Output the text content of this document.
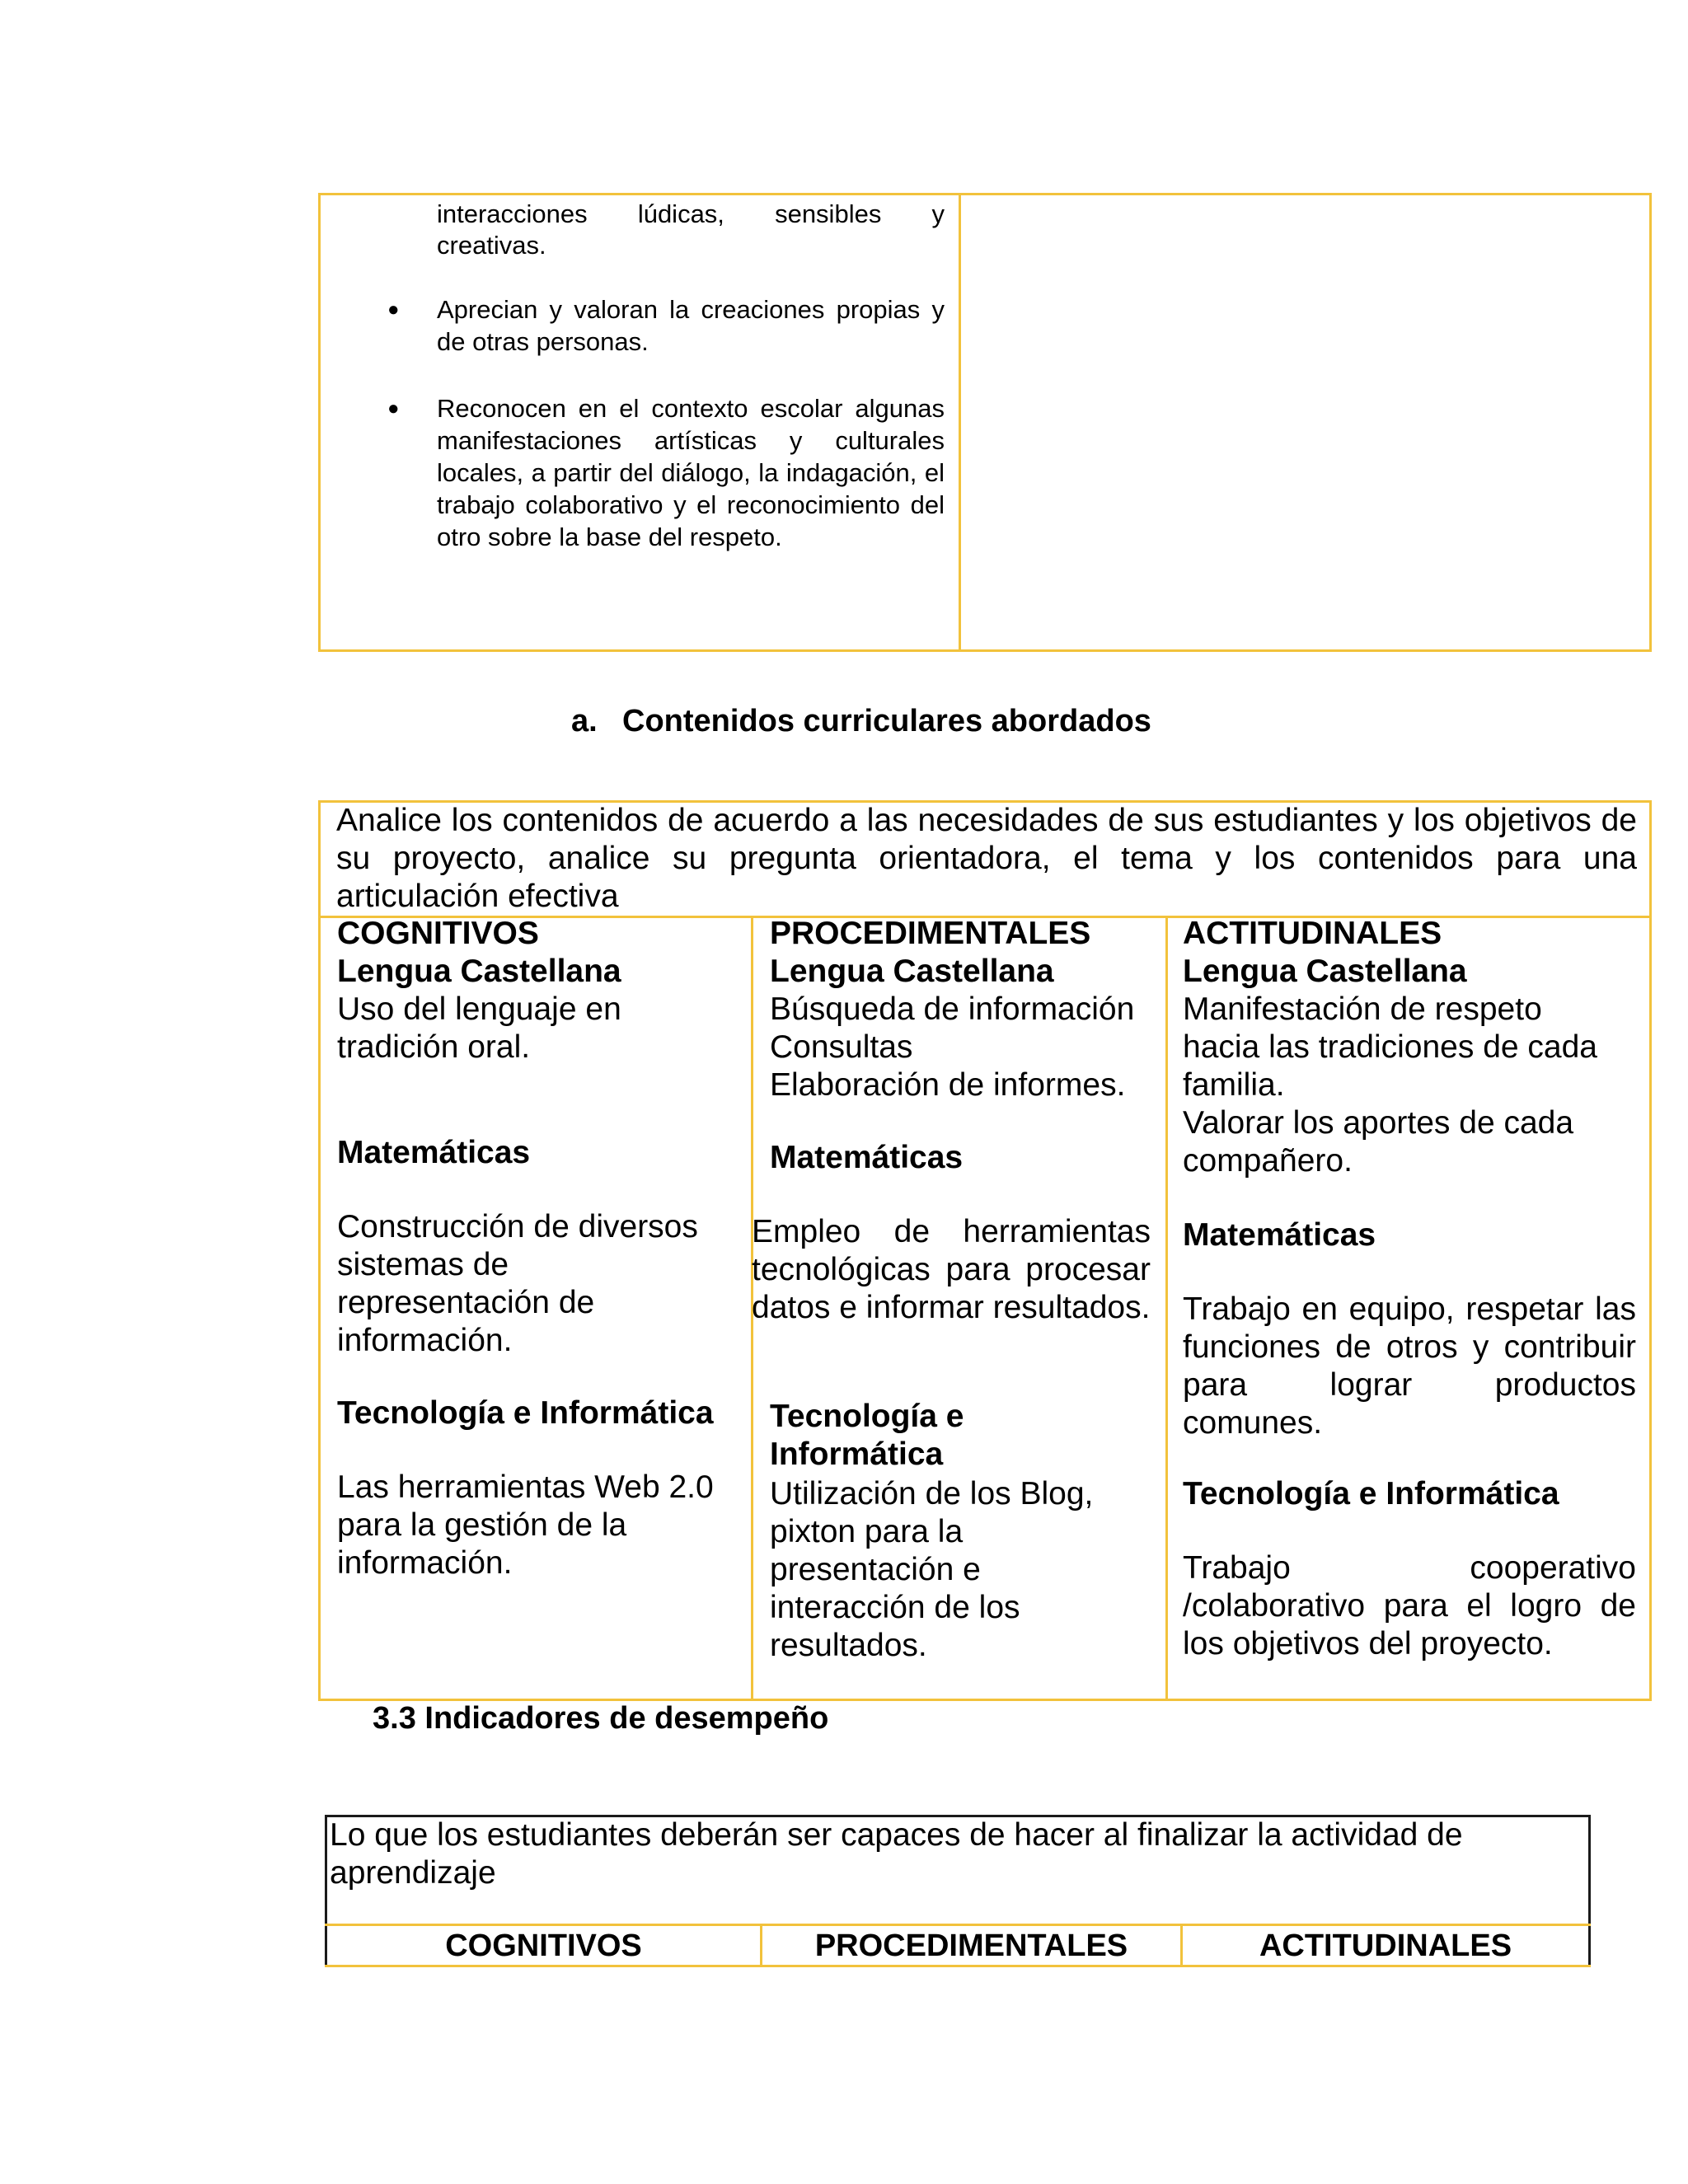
interacciones lúdicas, sensibles y
creativas.
● Aprecian y valoran la creaciones propias y de otras personas.
● Reconocen en el contexto escolar algunas manifestaciones artísticas y culturales locales, a partir del diálogo, la indagación, el trabajo colaborativo y el reconocimiento del otro sobre la base del respeto.
a. Contenidos curriculares abordados
Analice los contenidos de acuerdo a las necesidades de sus estudiantes y los objetivos de su proyecto, analice su pregunta orientadora, el tema y los contenidos para una articulación efectiva
COGNITIVOS
Lengua Castellana
Uso del lenguaje en tradición oral.
Matemáticas
Construcción de diversos sistemas de representación de información.
Tecnología e Informática
Las herramientas Web 2.0 para la gestión de la información.
PROCEDIMENTALES
Lengua Castellana
Búsqueda de información
Consultas
Elaboración de informes.
Matemáticas
Empleo de herramientas tecnológicas para procesar datos e informar resultados.
Tecnología e Informática
Utilización de los Blog, pixton para la presentación e interacción de los resultados.
ACTITUDINALES
Lengua Castellana
Manifestación de respeto hacia las tradiciones de cada familia.
Valorar los aportes de cada compañero.
Matemáticas
Trabajo en equipo, respetar las funciones de otros y contribuir para lograr productos comunes.
Tecnología e Informática
Trabajo cooperativo /colaborativo para el logro de los objetivos del proyecto.
3.3 Indicadores de desempeño
Lo que los estudiantes deberán ser capaces de hacer al finalizar la actividad de aprendizaje
COGNITIVOS	PROCEDIMENTALES	ACTITUDINALES
